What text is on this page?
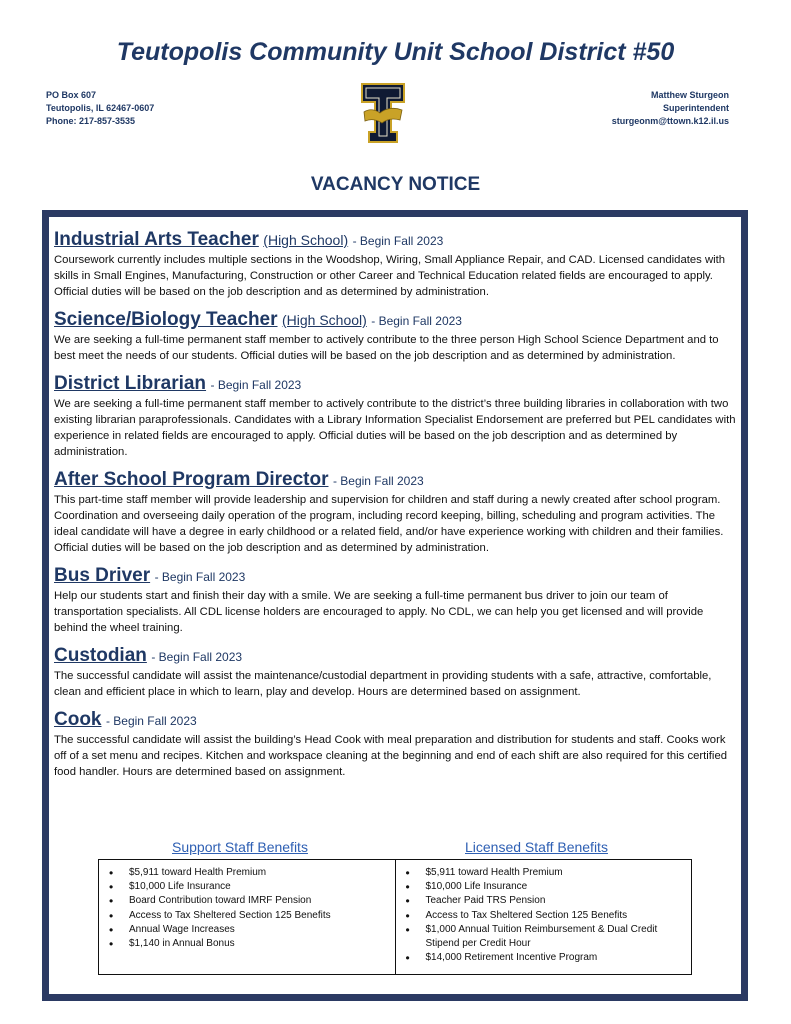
Teutopolis Community Unit School District #50
PO Box 607
Teutopolis, IL 62467-0607
Phone: 217-857-3535
Matthew Sturgeon
Superintendent
sturgeonm@ttown.k12.il.us
VACANCY NOTICE
Industrial Arts Teacher (High School) - Begin Fall 2023
Coursework currently includes multiple sections in the Woodshop, Wiring, Small Appliance Repair, and CAD. Licensed candidates with skills in Small Engines, Manufacturing, Construction or other Career and Technical Education related fields are encouraged to apply. Official duties will be based on the job description and as determined by administration.
Science/Biology Teacher (High School) - Begin Fall 2023
We are seeking a full-time permanent staff member to actively contribute to the three person High School Science Department and to best meet the needs of our students. Official duties will be based on the job description and as determined by administration.
District Librarian - Begin Fall 2023
We are seeking a full-time permanent staff member to actively contribute to the district’s three building libraries in collaboration with two existing librarian paraprofessionals. Candidates with a Library Information Specialist Endorsement are preferred but PEL candidates with experience in related fields are encouraged to apply. Official duties will be based on the job description and as determined by administration.
After School Program Director - Begin Fall 2023
This part-time staff member will provide leadership and supervision for children and staff during a newly created after school program. Coordination and overseeing daily operation of the program, including record keeping, billing, scheduling and program activities. The ideal candidate will have a degree in early childhood or a related field, and/or have experience working with children and their families. Official duties will be based on the job description and as determined by administration.
Bus Driver - Begin Fall 2023
Help our students start and finish their day with a smile. We are seeking a full-time permanent bus driver to join our team of transportation specialists. All CDL license holders are encouraged to apply. No CDL, we can help you get licensed and will provide behind the wheel training.
Custodian - Begin Fall 2023
The successful candidate will assist the maintenance/custodial department in providing students with a safe, attractive, comfortable, clean and efficient place in which to learn, play and develop. Hours are determined based on assignment.
Cook - Begin Fall 2023
The successful candidate will assist the building’s Head Cook with meal preparation and distribution for students and staff. Cooks work off of a set menu and recipes. Kitchen and workspace cleaning at the beginning and end of each shift are also required for this certified food handler. Hours are determined based on assignment.
Support Staff Benefits	Licensed Staff Benefits
• $5,911 toward Health Premium
• $10,000 Life Insurance
• Board Contribution toward IMRF Pension
• Access to Tax Sheltered Section 125 Benefits
• Annual Wage Increases
• $1,140 in Annual Bonus
• $5,911 toward Health Premium
• $10,000 Life Insurance
• Teacher Paid TRS Pension
• Access to Tax Sheltered Section 125 Benefits
• $1,000 Annual Tuition Reimbursement & Dual Credit Stipend per Credit Hour
• $14,000 Retirement Incentive Program
